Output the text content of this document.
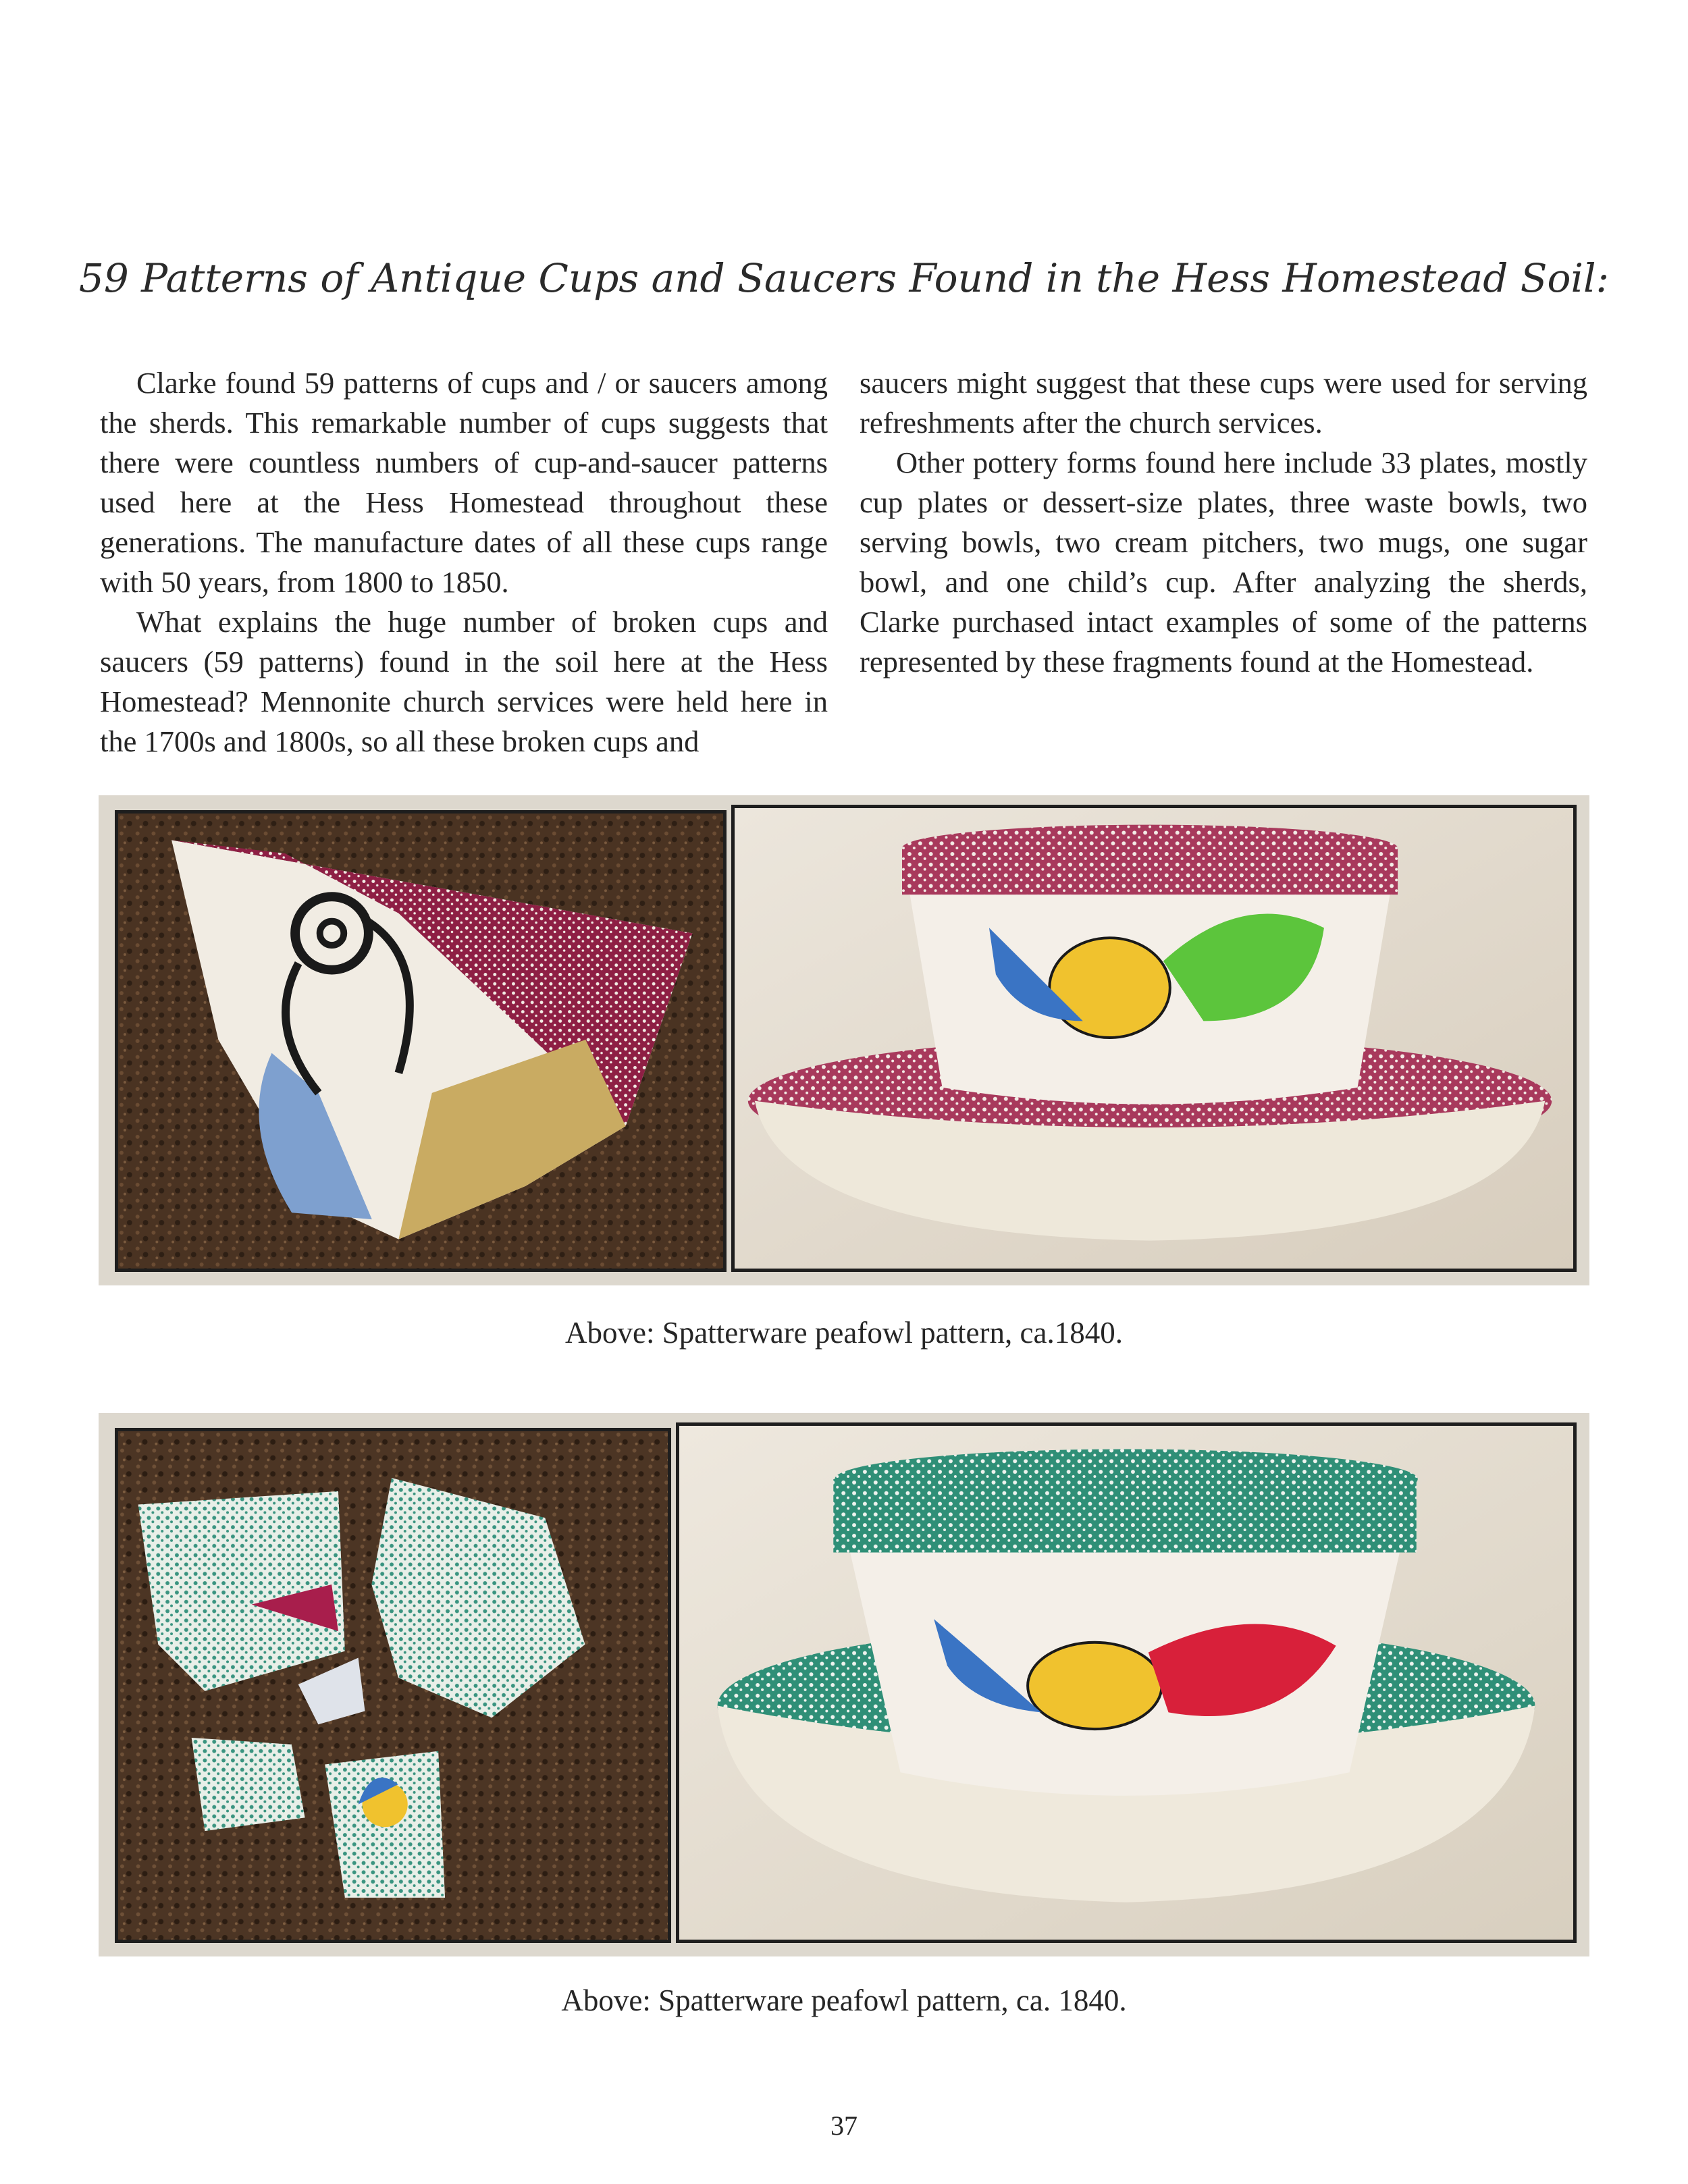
59 Patterns of Antique Cups and Saucers Found in the Hess Homestead Soil:

Clarke found 59 patterns of cups and / or saucers among the sherds. This remarkable number of cups suggests that there were countless numbers of cup-and-saucer patterns used here at the Hess Homestead throughout these generations. The manufacture dates of all these cups range with 50 years, from 1800 to 1850.

What explains the huge number of broken cups and saucers (59 patterns) found in the soil here at the Hess Homestead? Mennonite church services were held here in the 1700s and 1800s, so all these broken cups and

saucers might suggest that these cups were used for serving refreshments after the church services.

Other pottery forms found here include 33 plates, mostly cup plates or dessert-size plates, three waste bowls, two serving bowls, two cream pitchers, two mugs, one sugar bowl, and one child’s cup. After analyzing the sherds, Clarke purchased intact examples of some of the patterns represented by these fragments found at the Homestead.

Above: Spatterware peafowl pattern, ca.1840.
Above: Spatterware peafowl pattern, ca. 1840.
37
